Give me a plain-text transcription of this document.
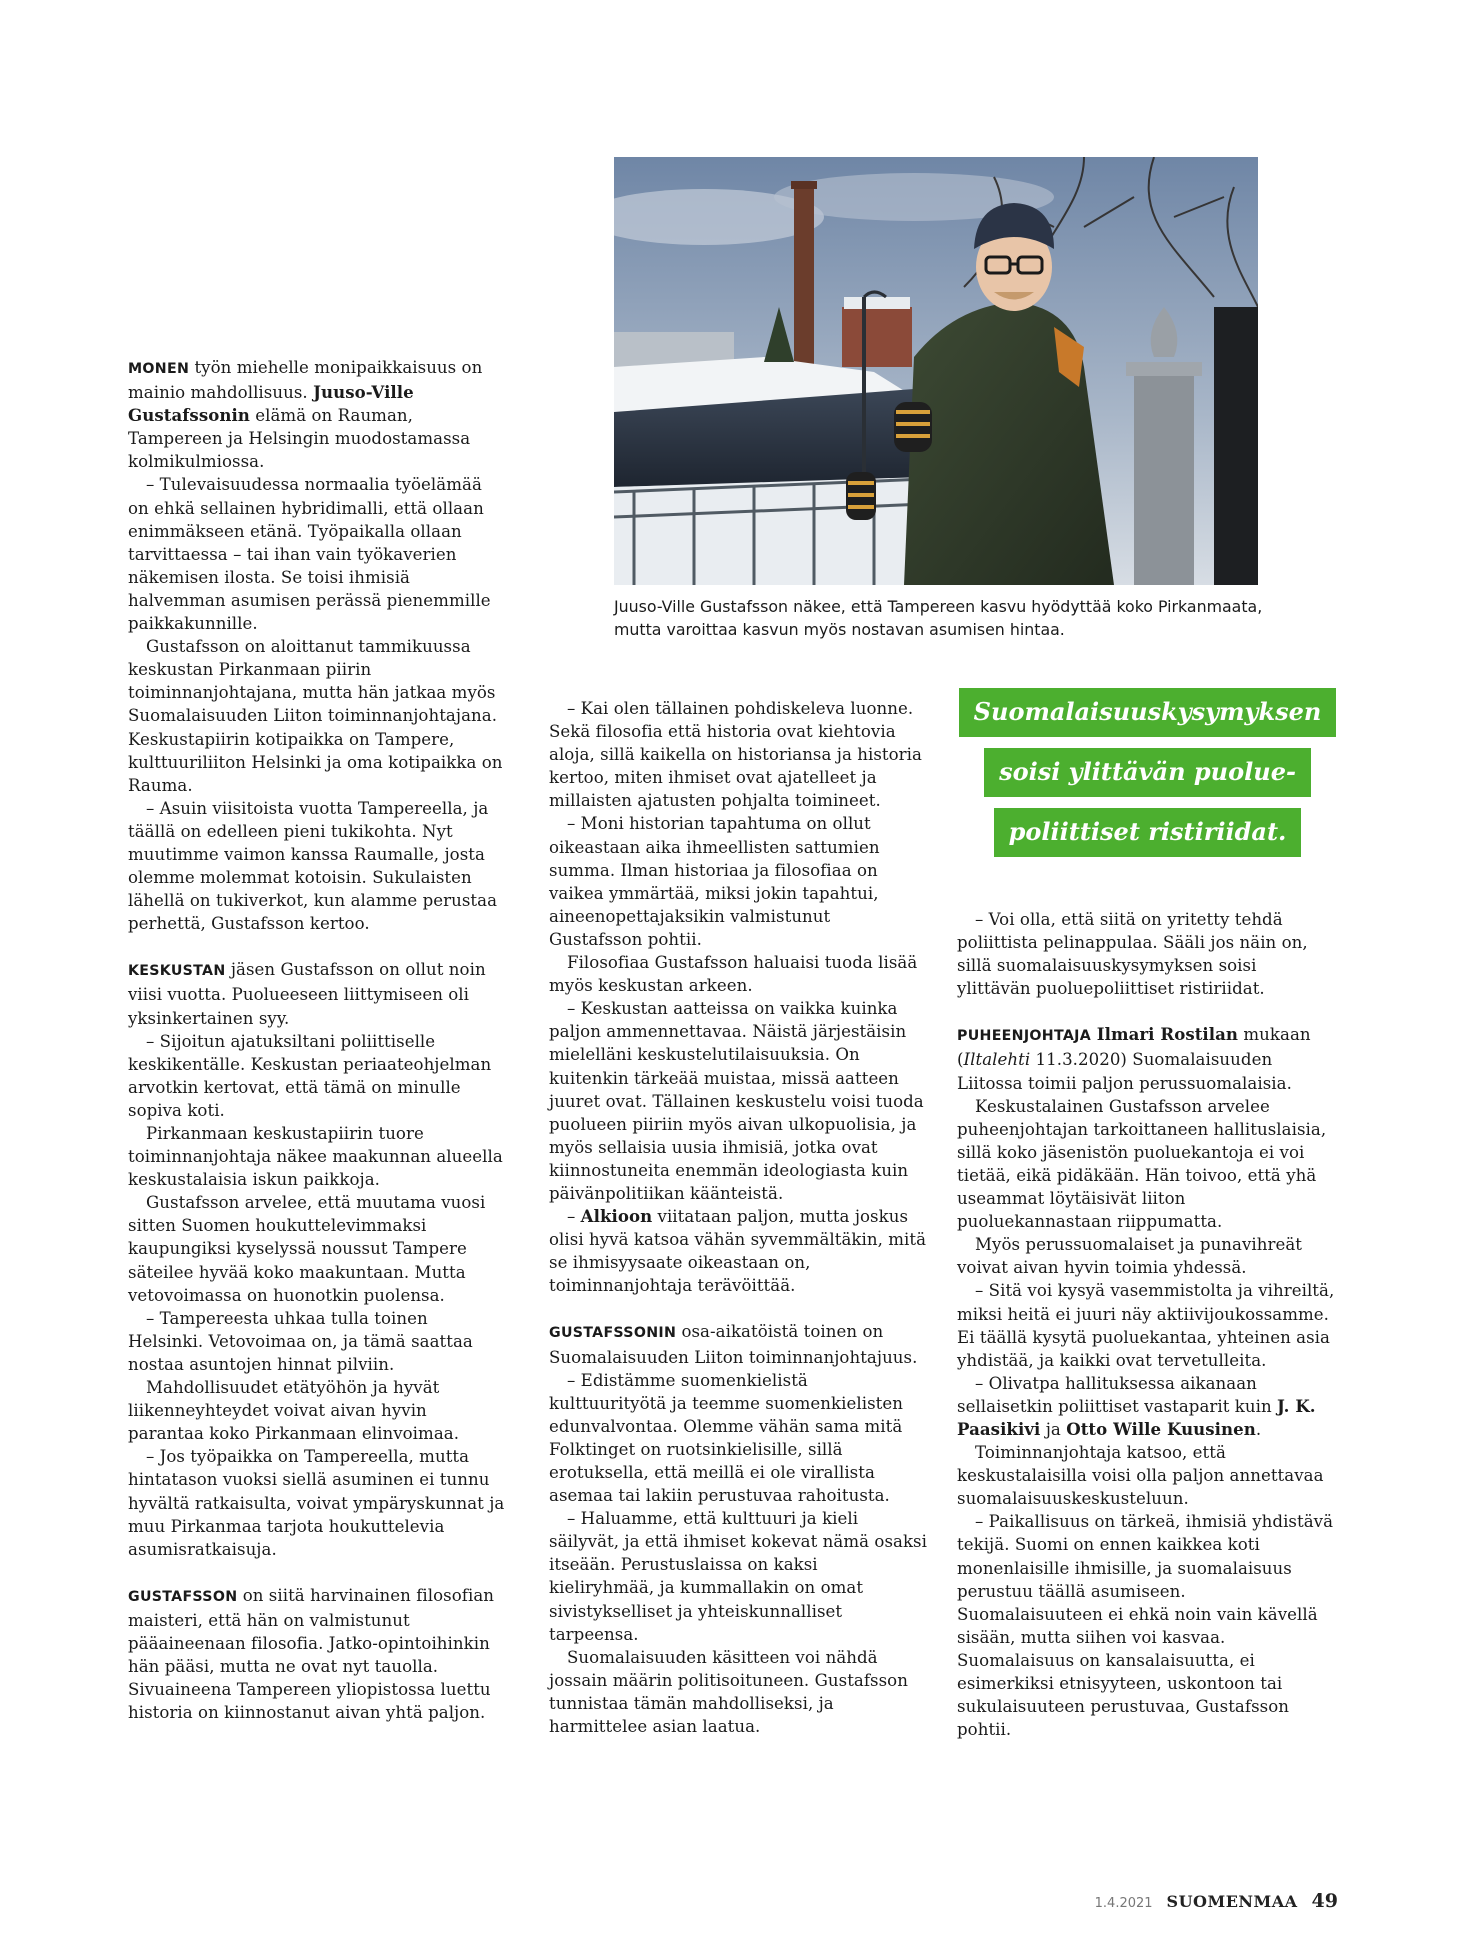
MONEN työn miehelle monipaikkaisuus on mainio mahdollisuus. Juuso-Ville Gustafssonin elämä on Rauman, Tampereen ja Helsingin muodostamassa kolmikulmiossa.

– Tulevaisuudessa normaalia työelämää on ehkä sellainen hybridimalli, että ollaan enimmäkseen etänä. Työpaikalla ollaan tarvittaessa – tai ihan vain työkaverien näkemisen ilosta. Se toisi ihmisiä halvemman asumisen perässä pienemmille paikkakunnille.

Gustafsson on aloittanut tammikuussa keskustan Pirkanmaan piirin toiminnanjohtajana, mutta hän jatkaa myös Suomalaisuuden Liiton toiminnanjohtajana. Keskustapiirin kotipaikka on Tampere, kulttuuriliiton Helsinki ja oma kotipaikka on Rauma.

– Asuin viisitoista vuotta Tampereella, ja täällä on edelleen pieni tukikohta. Nyt muutimme vaimon kanssa Raumalle, josta olemme molemmat kotoisin. Sukulaisten lähellä on tukiverkot, kun alamme perustaa perhettä, Gustafsson kertoo.

KESKUSTAN jäsen Gustafsson on ollut noin viisi vuotta. Puolueeseen liittymiseen oli yksinkertainen syy.

– Sijoitun ajatuksiltani poliittiselle keskikentälle. Keskustan periaateohjelman arvotkin kertovat, että tämä on minulle sopiva koti.

Pirkanmaan keskustapiirin tuore toiminnanjohtaja näkee maakunnan alueella keskustalaisia iskun paikkoja.

Gustafsson arvelee, että muutama vuosi sitten Suomen houkuttelevimmaksi kaupungiksi kyselyssä noussut Tampere säteilee hyvää koko maakuntaan. Mutta vetovoimassa on huonotkin puolensa.

– Tampereesta uhkaa tulla toinen Helsinki. Vetovoimaa on, ja tämä saattaa nostaa asuntojen hinnat pilviin.

Mahdollisuudet etätyöhön ja hyvät liikenneyhteydet voivat aivan hyvin parantaa koko Pirkanmaan elinvoimaa.

– Jos työpaikka on Tampereella, mutta hintatason vuoksi siellä asuminen ei tunnu hyvältä ratkaisulta, voivat ympäryskunnat ja muu Pirkanmaa tarjota houkuttelevia asumisratkaisuja.

GUSTAFSSON on siitä harvinainen filosofian maisteri, että hän on valmistunut pääaineenaan filosofia. Jatko-opintoihinkin hän pääsi, mutta ne ovat nyt tauolla. Sivuaineena Tampereen yliopistossa luettu historia on kiinnostanut aivan yhtä paljon.

Juuso-Ville Gustafsson näkee, että Tampereen kasvu hyödyttää koko Pirkanmaata, mutta varoittaa kasvun myös nostavan asumisen hintaa.

– Kai olen tällainen pohdiskeleva luonne. Sekä filosofia että historia ovat kiehtovia aloja, sillä kaikella on historiansa ja historia kertoo, miten ihmiset ovat ajatelleet ja millaisten ajatusten pohjalta toimineet.

– Moni historian tapahtuma on ollut oikeastaan aika ihmeellisten sattumien summa. Ilman historiaa ja filosofiaa on vaikea ymmärtää, miksi jokin tapahtui, aineenopettajaksikin valmistunut Gustafsson pohtii.

Filosofiaa Gustafsson haluaisi tuoda lisää myös keskustan arkeen.

– Keskustan aatteissa on vaikka kuinka paljon ammennettavaa. Näistä järjestäisin mielelläni keskustelutilaisuuksia. On kuitenkin tärkeää muistaa, missä aatteen juuret ovat. Tällainen keskustelu voisi tuoda puolueen piiriin myös aivan ulkopuolisia, ja myös sellaisia uusia ihmisiä, jotka ovat kiinnostuneita enemmän ideologiasta kuin päivänpolitiikan käänteistä.

– Alkioon viitataan paljon, mutta joskus olisi hyvä katsoa vähän syvemmältäkin, mitä se ihmisyysaate oikeastaan on, toiminnanjohtaja terävöittää.

GUSTAFSSONIN osa-aikatöistä toinen on Suomalaisuuden Liiton toiminnanjohtajuus.

– Edistämme suomenkielistä kulttuurityötä ja teemme suomenkielisten edunvalvontaa. Olemme vähän sama mitä Folktinget on ruotsinkielisille, sillä erotuksella, että meillä ei ole virallista asemaa tai lakiin perustuvaa rahoitusta.

– Haluamme, että kulttuuri ja kieli säilyvät, ja että ihmiset kokevat nämä osaksi itseään. Perustuslaissa on kaksi kieliryhmää, ja kummallakin on omat sivistykselliset ja yhteiskunnalliset tarpeensa.

Suomalaisuuden käsitteen voi nähdä jossain määrin politisoituneen. Gustafsson tunnistaa tämän mahdolliseksi, ja harmittelee asian laatua.

Suomalaisuuskysymyksen
soisi ylittävän puolue-
poliittiset ristiriidat.

– Voi olla, että siitä on yritetty tehdä poliittista pelinappulaa. Sääli jos näin on, sillä suomalaisuuskysymyksen soisi ylittävän puoluepoliittiset ristiriidat.

PUHEENJOHTAJA Ilmari Rostilan mukaan (Iltalehti 11.3.2020) Suomalaisuuden Liitossa toimii paljon perussuomalaisia.

Keskustalainen Gustafsson arvelee puheenjohtajan tarkoittaneen hallituslaisia, sillä koko jäsenistön puoluekantoja ei voi tietää, eikä pidäkään. Hän toivoo, että yhä useammat löytäisivät liiton puoluekannastaan riippumatta.

Myös perussuomalaiset ja punavihreät voivat aivan hyvin toimia yhdessä.

– Sitä voi kysyä vasemmistolta ja vihreiltä, miksi heitä ei juuri näy aktiivijoukossamme. Ei täällä kysytä puoluekantaa, yhteinen asia yhdistää, ja kaikki ovat tervetulleita.

– Olivatpa hallituksessa aikanaan sellaisetkin poliittiset vastaparit kuin J. K. Paasikivi ja Otto Wille Kuusinen.

Toiminnanjohtaja katsoo, että keskustalaisilla voisi olla paljon annettavaa suomalaisuuskeskusteluun.

– Paikallisuus on tärkeä, ihmisiä yhdistävä tekijä. Suomi on ennen kaikkea koti monenlaisille ihmisille, ja suomalaisuus perustuu täällä asumiseen. Suomalaisuuteen ei ehkä noin vain kävellä sisään, mutta siihen voi kasvaa. Suomalaisuus on kansalaisuutta, ei esimerkiksi etnisyyteen, uskontoon tai sukulaisuuteen perustuvaa, Gustafsson pohtii.

1.4.2021 SUOMENMAA 49
